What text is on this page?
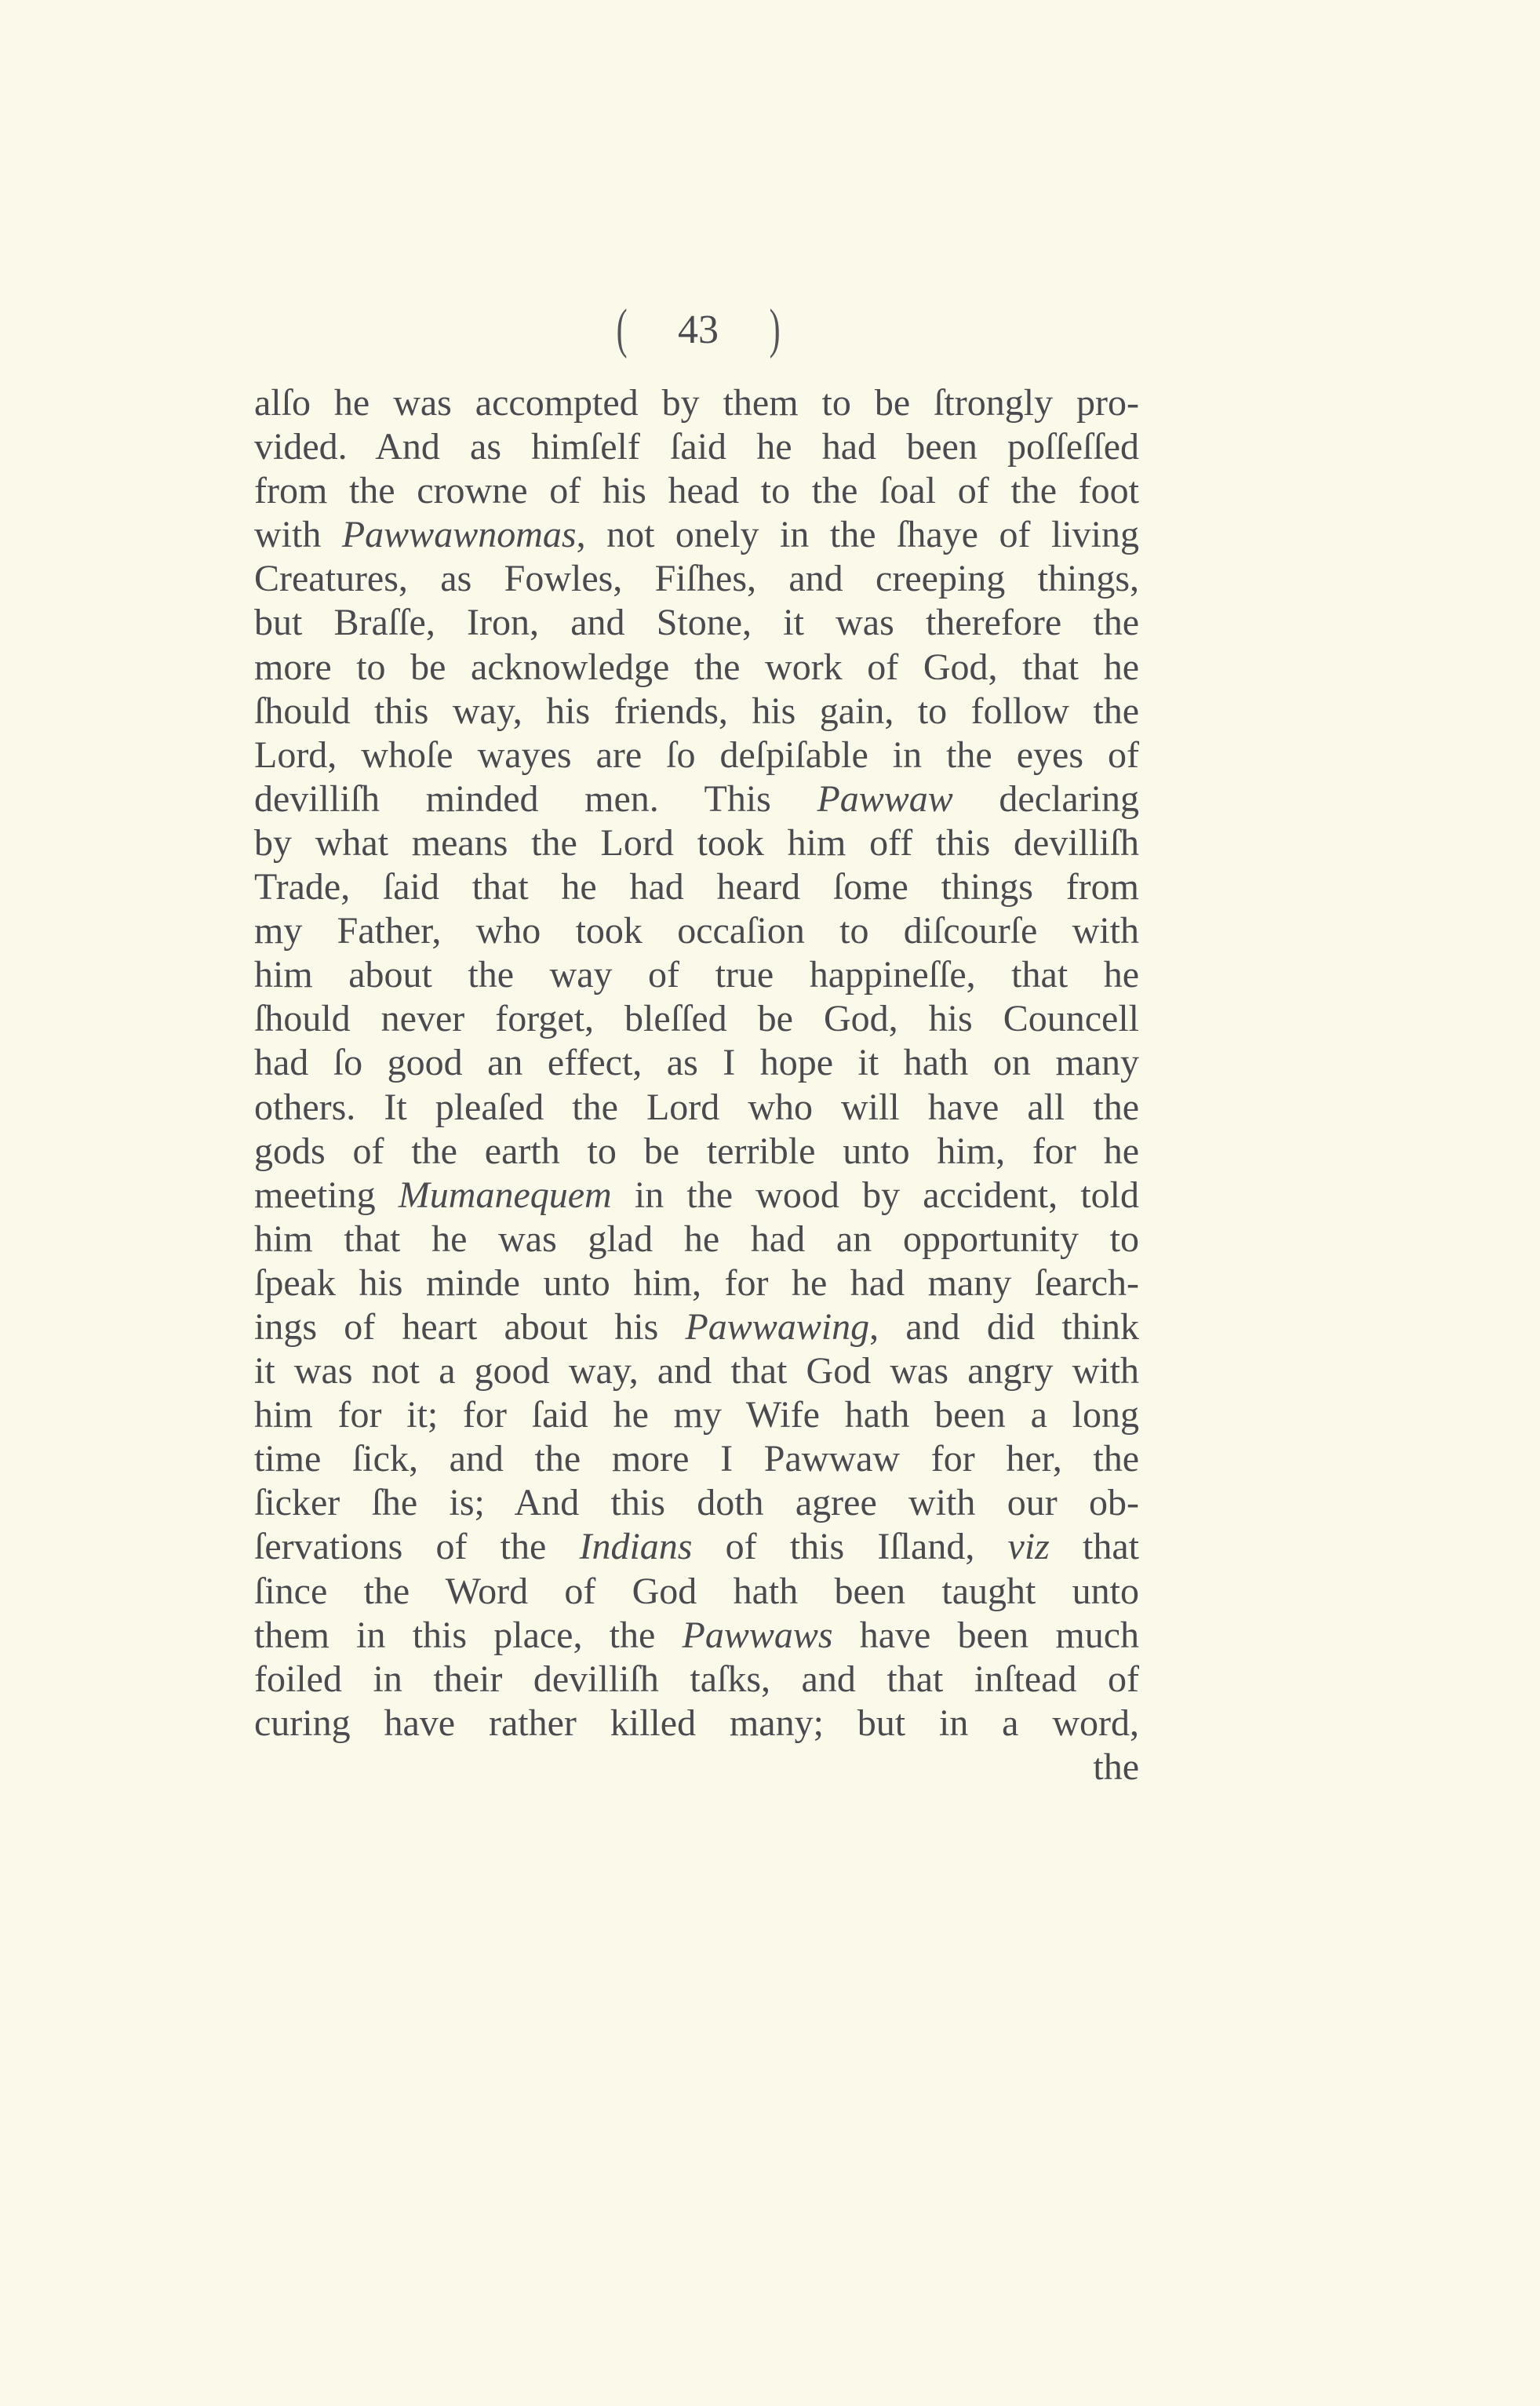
( 43 )
alſo he was accompted by them to be ſtrongly pro-
vided. And as himſelf ſaid he had been poſſeſſed
from the crowne of his head to the ſoal of the foot
with Pawwawnomas, not onely in the ſhaye of living
Creatures, as Fowles, Fiſhes, and creeping things,
but Braſſe, Iron, and Stone, it was therefore the
more to be acknowledge the work of God, that he
ſhould this way, his friends, his gain, to follow the
Lord, whoſe wayes are ſo deſpiſable in the eyes of
devilliſh minded men. This Pawwaw declaring
by what means the Lord took him off this devilliſh
Trade, ſaid that he had heard ſome things from
my Father, who took occaſion to diſcourſe with
him about the way of true happineſſe, that he
ſhould never forget, bleſſed be God, his Councell
had ſo good an effect, as I hope it hath on many
others. It pleaſed the Lord who will have all the
gods of the earth to be terrible unto him, for he
meeting Mumanequem in the wood by accident, told
him that he was glad he had an opportunity to
ſpeak his minde unto him, for he had many ſearch-
ings of heart about his Pawwawing, and did think
it was not a good way, and that God was angry with
him for it; for ſaid he my Wife hath been a long
time ſick, and the more I Pawwaw for her, the
ſicker ſhe is; And this doth agree with our ob-
ſervations of the Indians of this Iſland, viz that
ſince the Word of God hath been taught unto
them in this place, the Pawwaws have been much
foiled in their devilliſh taſks, and that inſtead of
curing have rather killed many; but in a word,
the
